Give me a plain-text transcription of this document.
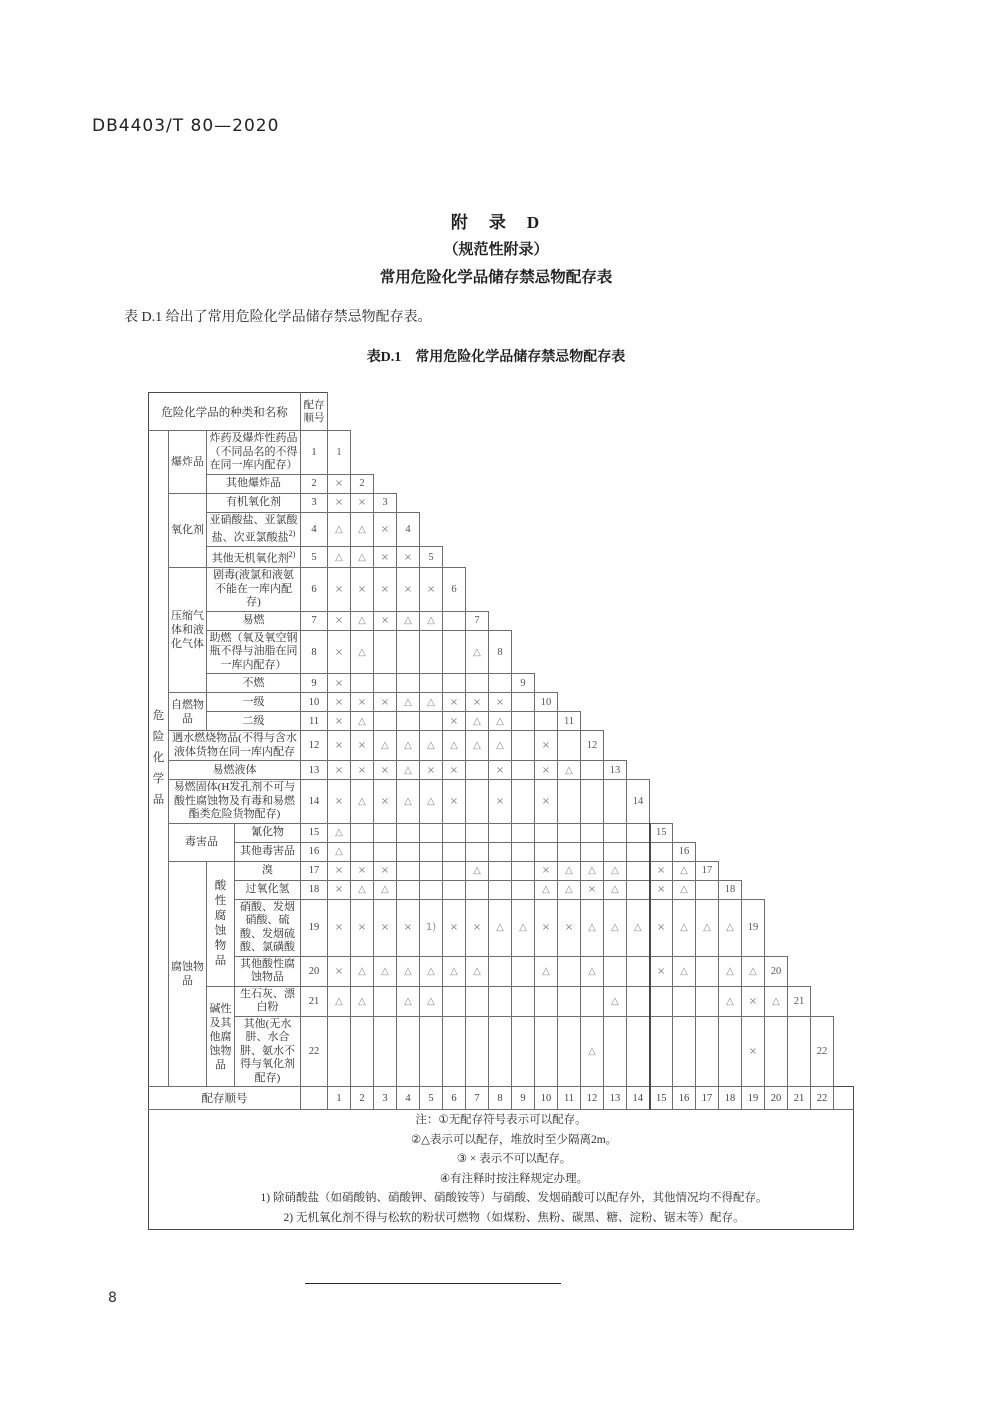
DB4403/T 80—2020
附　录　D
（规范性附录）
常用危险化学品储存禁忌物配存表
表 D.1 给出了常用危险化学品储存禁忌物配存表。
表D.1　常用危险化学品储存禁忌物配存表
危险化学品的种类和名称				配存顺号																							
危险化学品	爆炸品	炸药及爆炸性药品（不同品名的不得在同一库内配存）		1	1																						
		其他爆炸品		2	×	2																					
	氧化剂	有机氧化剂		3	×	×	3																				
		亚硝酸盐、亚氯酸盐、次亚氯酸盐$^{2)}$		4	△	△	×	4																			
		其他无机氧化剂$^{2)}$		5	△	△	×	×	5																		
	压缩气体和液化气体	剧毒(液氯和液氨不能在一库内配存)		6	×	×	×	×	×	6																	
		易燃		7	×	△	×	△	△		7																
		助燃（氧及氧空钢瓶不得与油脂在同一库内配存）		8	×	△					△	8															
		不燃		9	×								9														
	自燃物品	一级		10	×	×	×	△	△	×	×	×		10													
		二级		11	×	△				×	△	△			11												
	遇水燃烧物品(不得与含水液体货物在同一库内配存			12	×	×	△	△	△	△	△	△		×		12											
	易燃液体			13	×	×	×	△	×	×		×		×	△		13										
	易燃固体(H发孔剂不可与酸性腐蚀物及有毒和易燃酯类危险货物配存)			14	×	△	×	△	△	×		×		×				14									
	毒害品		氰化物	15	△														15								
			其他毒害品	16	△															16							
	腐蚀物品	酸性腐蚀物品	溴	17	×	×	×				△			×	△	△	△		×	△	17						
			过氧化氢	18	×	△	△							△	△	×	△		×	△		18					
			硝酸、发烟硝酸、硫酸、发烟硫酸、氯磺酸	19	×	×	×	×	1)	×	×	△	△	×	×	△	△	△	×	△	△	△	19				
			其他酸性腐蚀物品	20	×	△	△	△	△	△	△			△		△			×	△		△	△	20			
		碱性及其他腐蚀物品	生石灰、漂白粉	21	△	△		△	△								△					△	×	△	21		
			其他(无水肼、水合肼、氨水不得与氧化剂配存)	22												△							×			22	
配存顺号					1	2	3	4	5	6	7	8	9	10	11	12	13	14	15	16	17	18	19	20	21	22	

注：①无配存符号表示可以配存。
②△表示可以配存，堆放时至少隔离2m。
③ × 表示不可以配存。
④有注释时按注释规定办理。
1) 除硝酸盐（如硝酸钠、硝酸钾、硝酸铵等）与硝酸、发烟硝酸可以配存外，其他情况均不得配存。
2) 无机氧化剂不得与松软的粉状可燃物（如煤粉、焦粉、碳黑、糖、淀粉、锯末等）配存。
8
